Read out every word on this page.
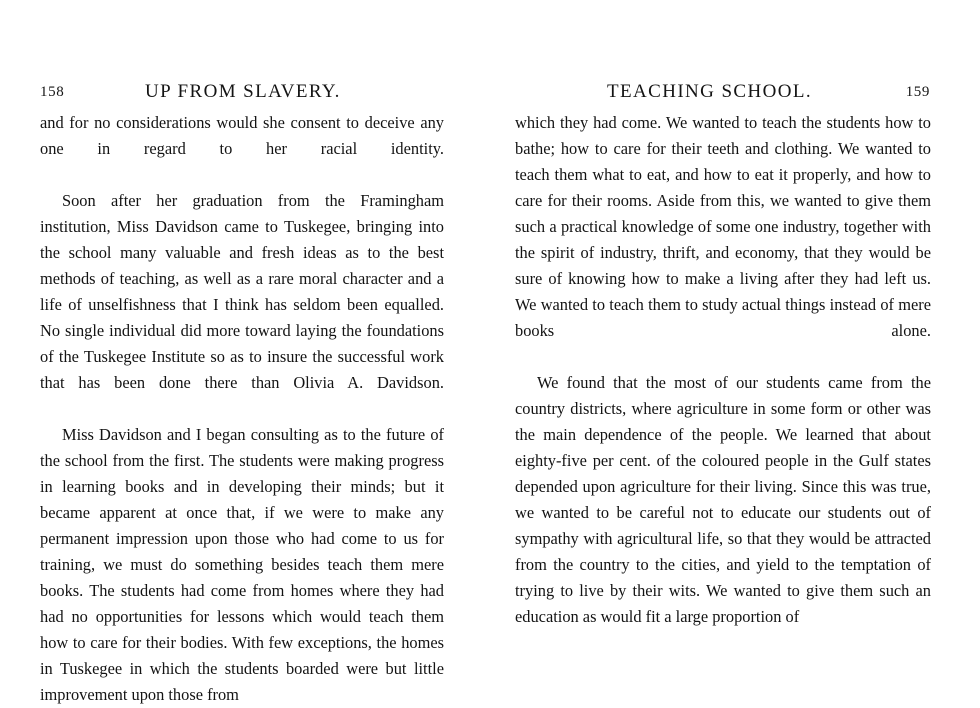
158	UP FROM SLAVERY.

and for no considerations would she consent to deceive any one in regard to her racial identity.

Soon after her graduation from the Framingham institution, Miss Davidson came to Tuskegee, bringing into the school many valuable and fresh ideas as to the best methods of teaching, as well as a rare moral character and a life of unselfishness that I think has seldom been equalled. No single individual did more toward laying the foundations of the Tuskegee Institute so as to insure the successful work that has been done there than Olivia A. Davidson.

Miss Davidson and I began consulting as to the future of the school from the first. The students were making progress in learning books and in developing their minds; but it became apparent at once that, if we were to make any permanent impression upon those who had come to us for training, we must do something besides teach them mere books. The students had come from homes where they had had no opportunities for lessons which would teach them how to care for their bodies. With few exceptions, the homes in Tuskegee in which the students boarded were but little improvement upon those from

TEACHING SCHOOL.	159

which they had come. We wanted to teach the students how to bathe; how to care for their teeth and clothing. We wanted to teach them what to eat, and how to eat it properly, and how to care for their rooms. Aside from this, we wanted to give them such a practical knowledge of some one industry, together with the spirit of industry, thrift, and economy, that they would be sure of knowing how to make a living after they had left us. We wanted to teach them to study actual things instead of mere books alone.

We found that the most of our students came from the country districts, where agriculture in some form or other was the main dependence of the people. We learned that about eighty-five per cent. of the coloured people in the Gulf states depended upon agriculture for their living. Since this was true, we wanted to be careful not to educate our students out of sympathy with agricultural life, so that they would be attracted from the country to the cities, and yield to the temptation of trying to live by their wits. We wanted to give them such an education as would fit a large proportion of
